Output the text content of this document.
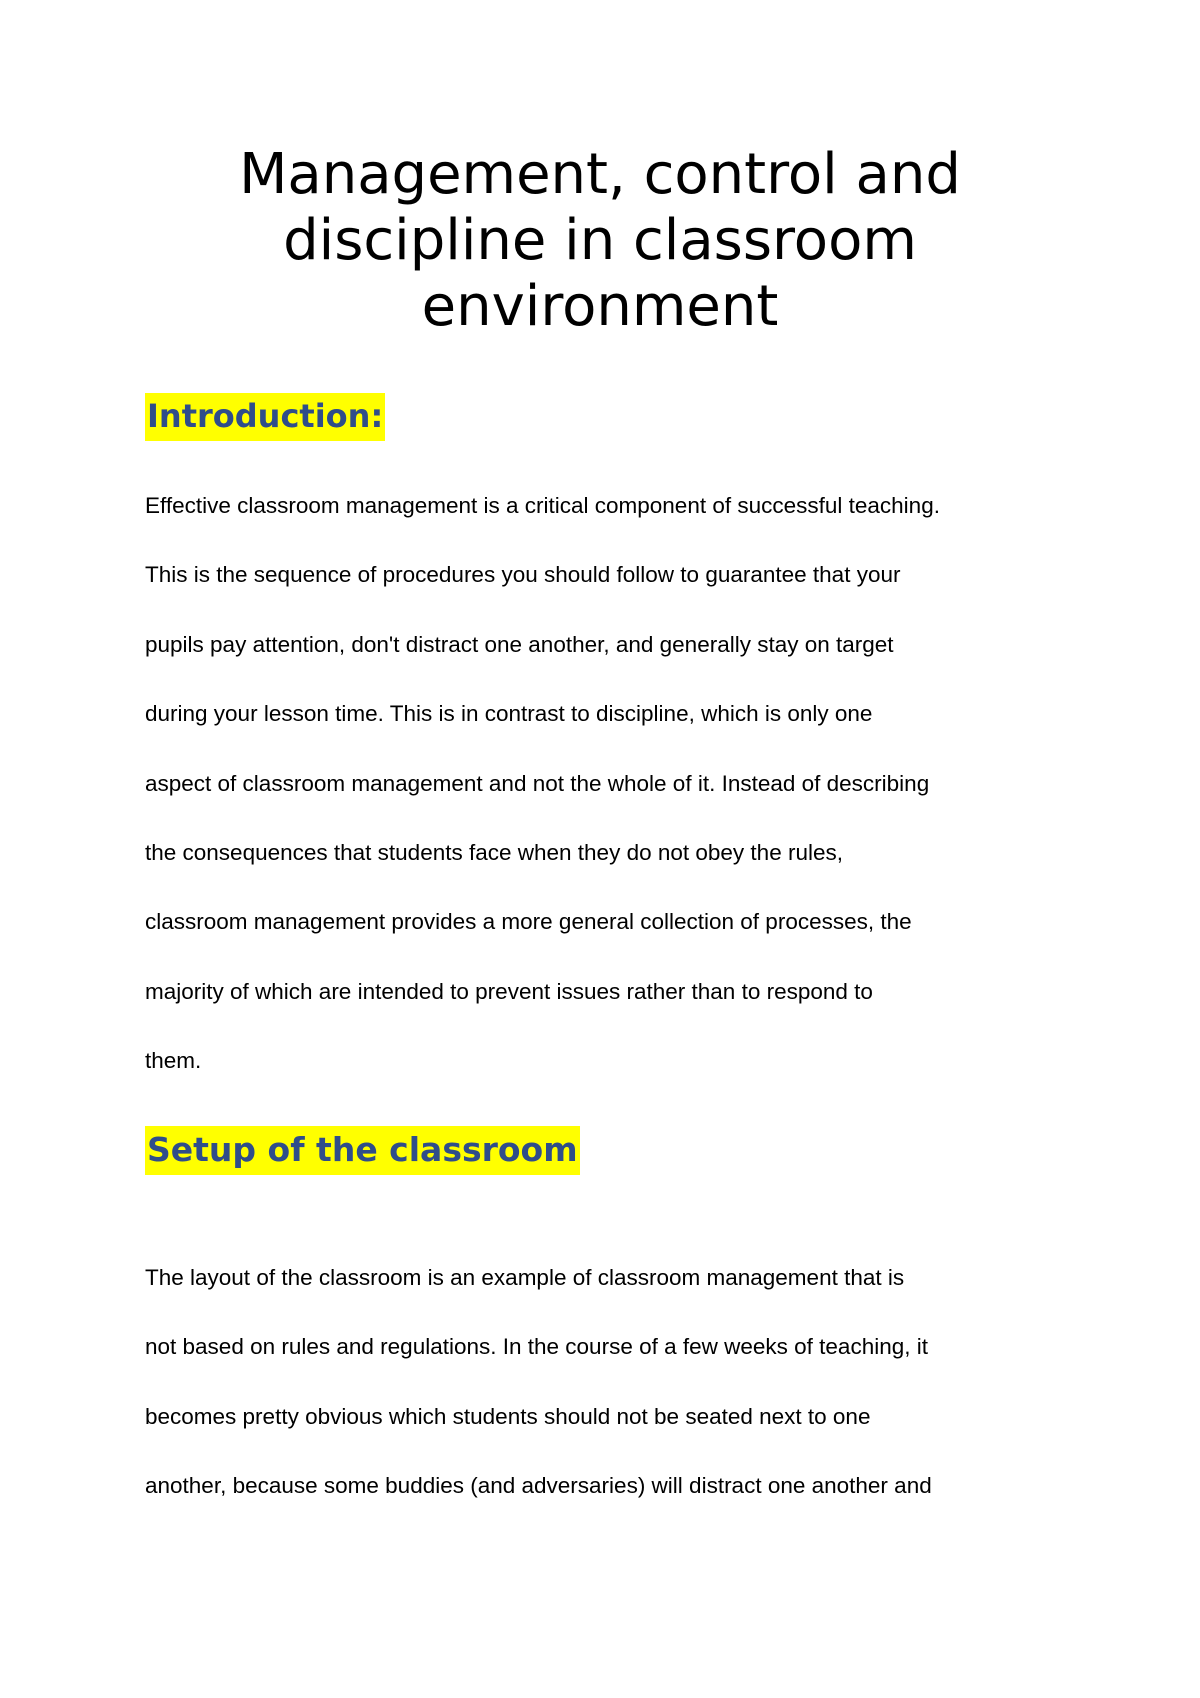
Management, control and
discipline in classroom
environment
Introduction:
Effective classroom management is a critical component of successful teaching.
This is the sequence of procedures you should follow to guarantee that your
pupils pay attention, don't distract one another, and generally stay on target
during your lesson time. This is in contrast to discipline, which is only one
aspect of classroom management and not the whole of it. Instead of describing
the consequences that students face when they do not obey the rules,
classroom management provides a more general collection of processes, the
majority of which are intended to prevent issues rather than to respond to
them.
Setup of the classroom
The layout of the classroom is an example of classroom management that is
not based on rules and regulations. In the course of a few weeks of teaching, it
becomes pretty obvious which students should not be seated next to one
another, because some buddies (and adversaries) will distract one another and
